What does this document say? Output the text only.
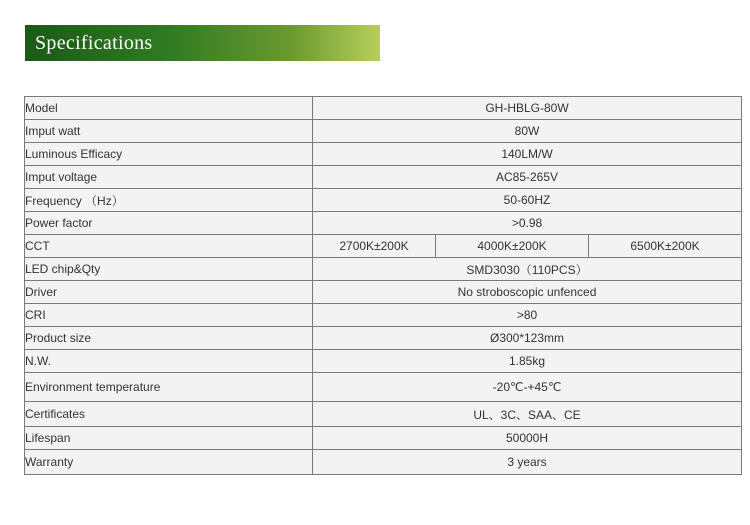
Specifications
Model	GH-HBLG-80W		
Imput watt	80W		
Luminous Efficacy	140LM/W		
Imput voltage	AC85-265V		
Frequency （Hz）	50-60HZ		
Power factor	>0.98		
CCT	2700K±200K	4000K±200K	6500K±200K
LED chip&Qty	SMD3030（110PCS）		
Driver	No stroboscopic unfenced		
CRI	>80		
Product size	Ø300*123mm		
N.W.	1.85kg		
Environment temperature	-20℃-+45℃		
Certificates	UL、3C、SAA、CE		
Lifespan	50000H		
Warranty	3 years		
